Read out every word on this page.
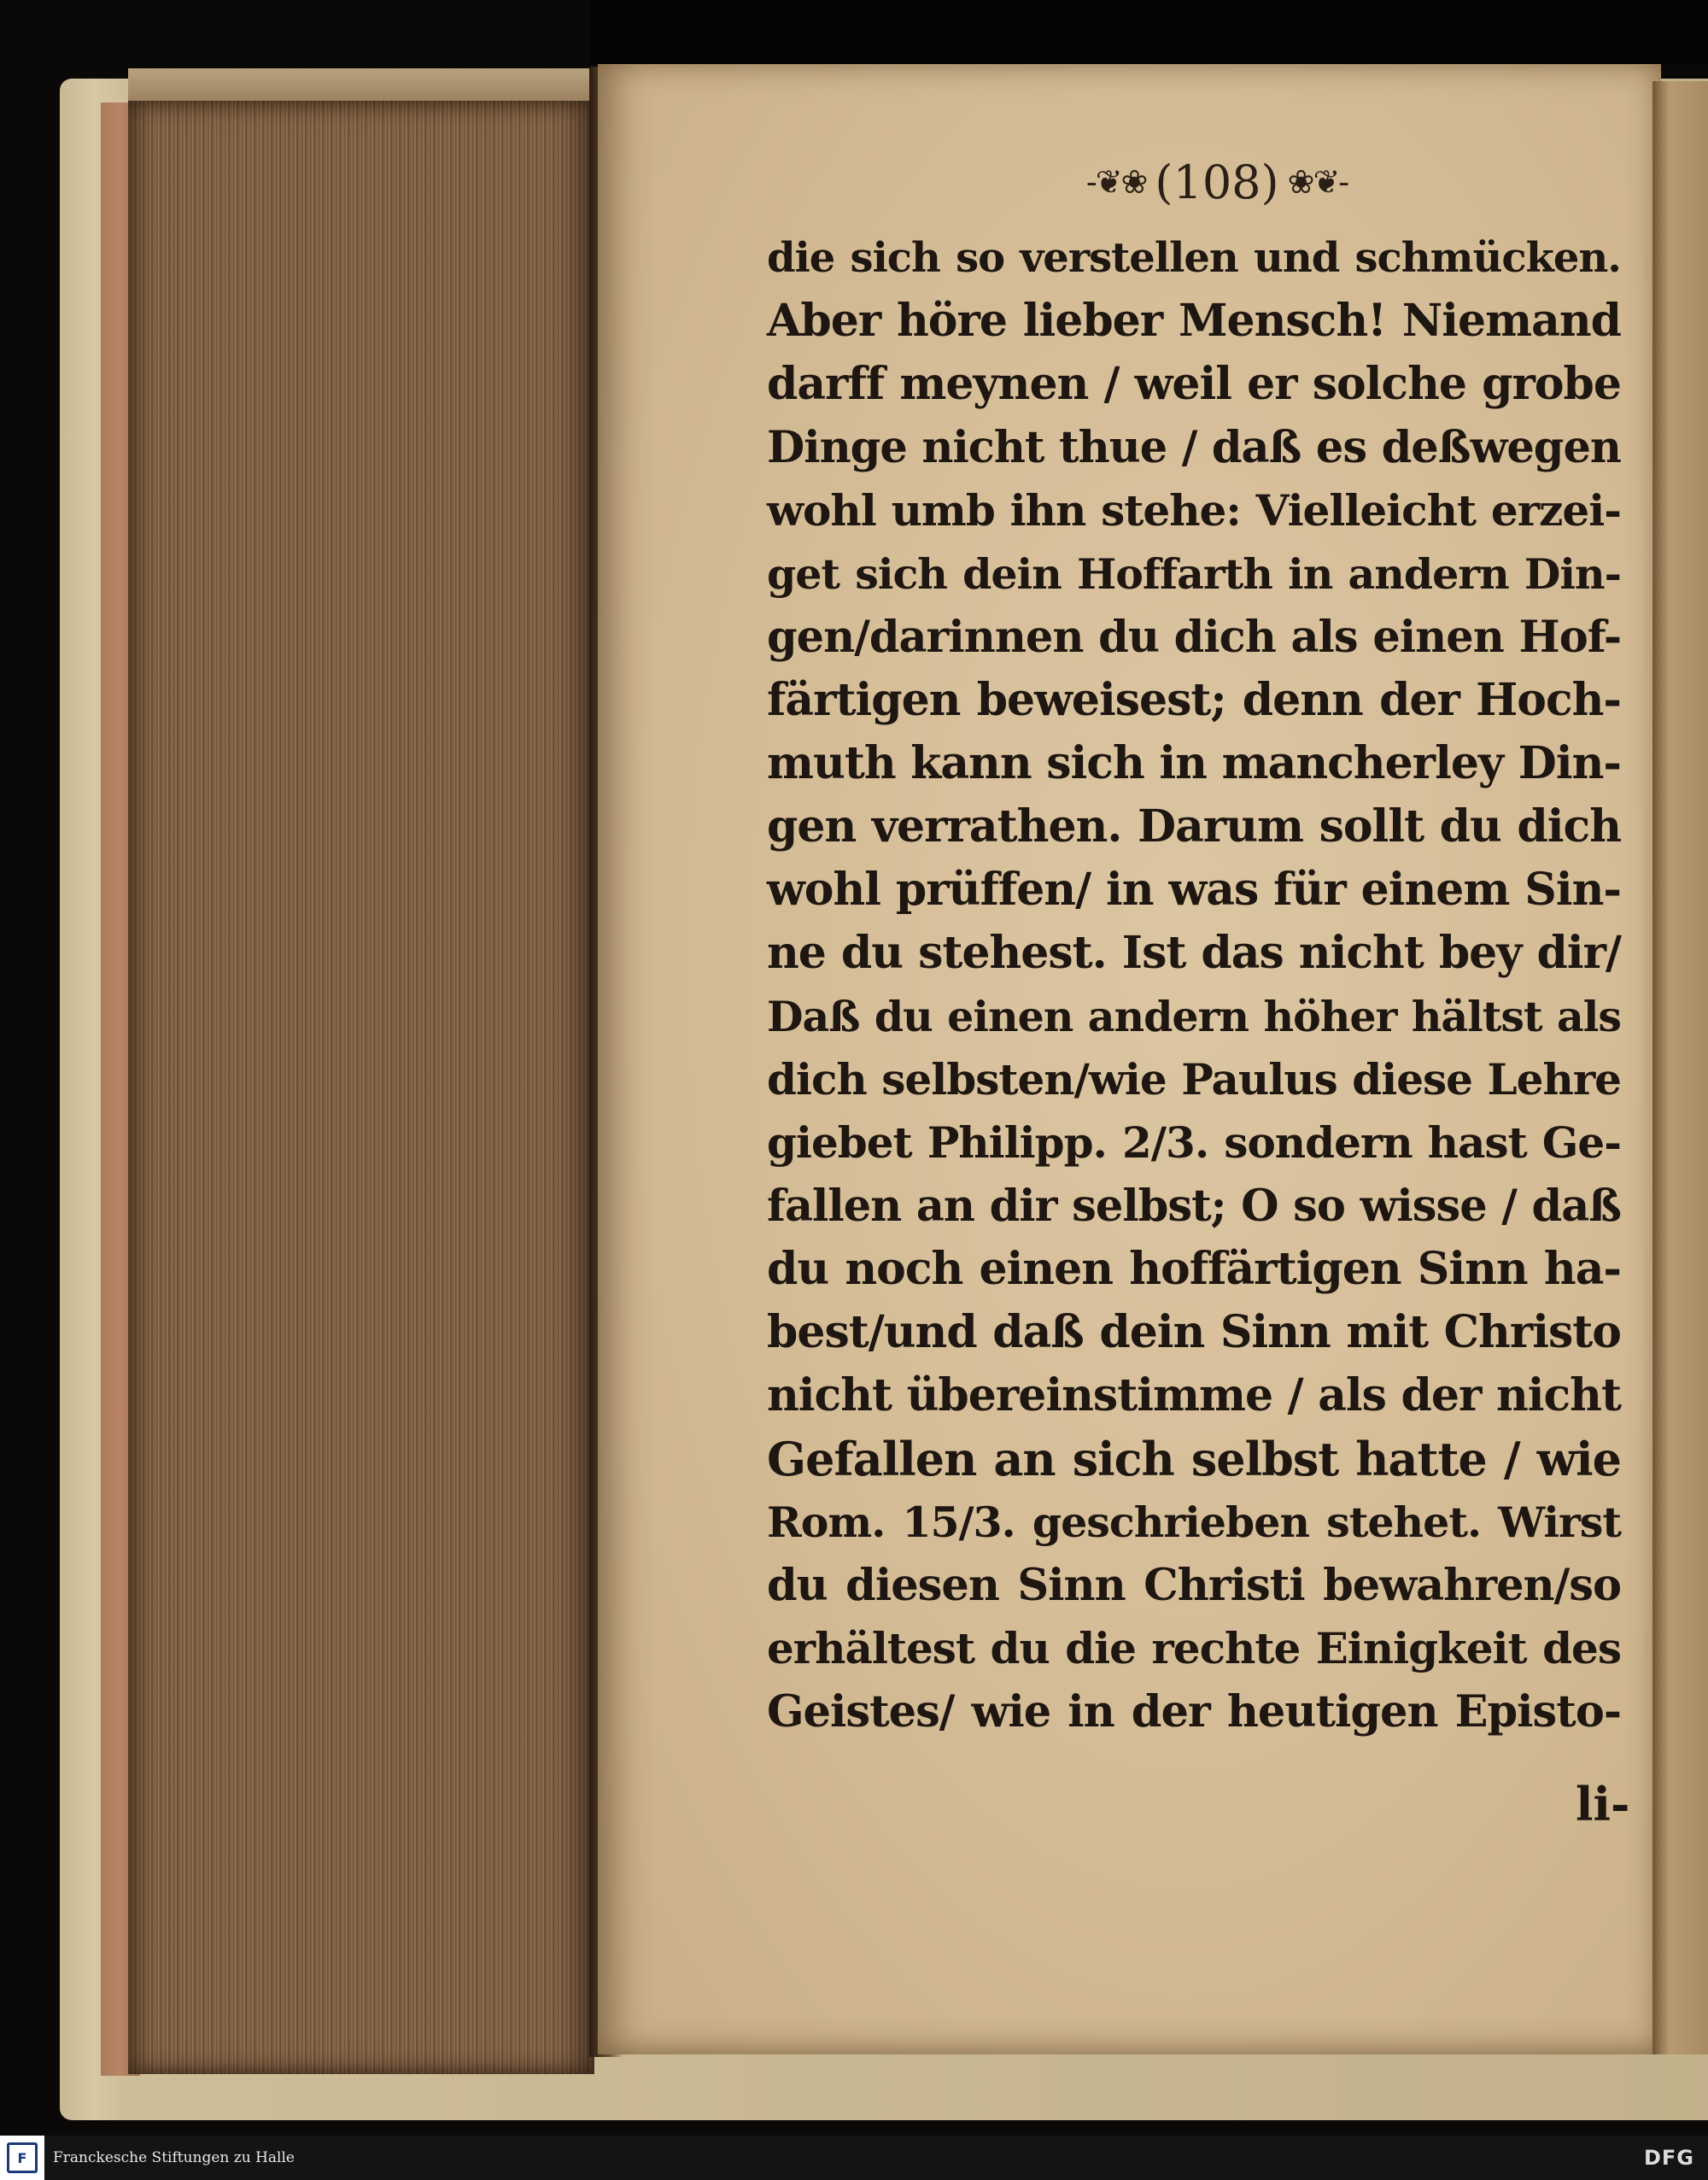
-❦❀ (108) ❀❦-
die sich so verstellen und schmücken.
Aber höre lieber Mensch! Niemand
darff meynen / weil er solche grobe
Dinge nicht thue / daß es deßwegen
wohl umb ihn stehe: Vielleicht erzei-
get sich dein Hoffarth in andern Din-
gen/darinnen du dich als einen Hof-
färtigen beweisest; denn der Hoch-
muth kann sich in mancherley Din-
gen verrathen. Darum sollt du dich
wohl prüffen/ in was für einem Sin-
ne du stehest. Ist das nicht bey dir/
Daß du einen andern höher hältst als
dich selbsten/wie Paulus diese Lehre
giebet Philipp. 2/3. sondern hast Ge-
fallen an dir selbst; O so wisse / daß
du noch einen hoffärtigen Sinn ha-
best/und daß dein Sinn mit Christo
nicht übereinstimme / als der nicht
Gefallen an sich selbst hatte / wie
Rom. 15/3. geschrieben stehet. Wirst
du diesen Sinn Christi bewahren/so
erhältest du die rechte Einigkeit des
Geistes/ wie in der heutigen Episto-
li-
F	Franckesche Stiftungen zu Halle	DFG
